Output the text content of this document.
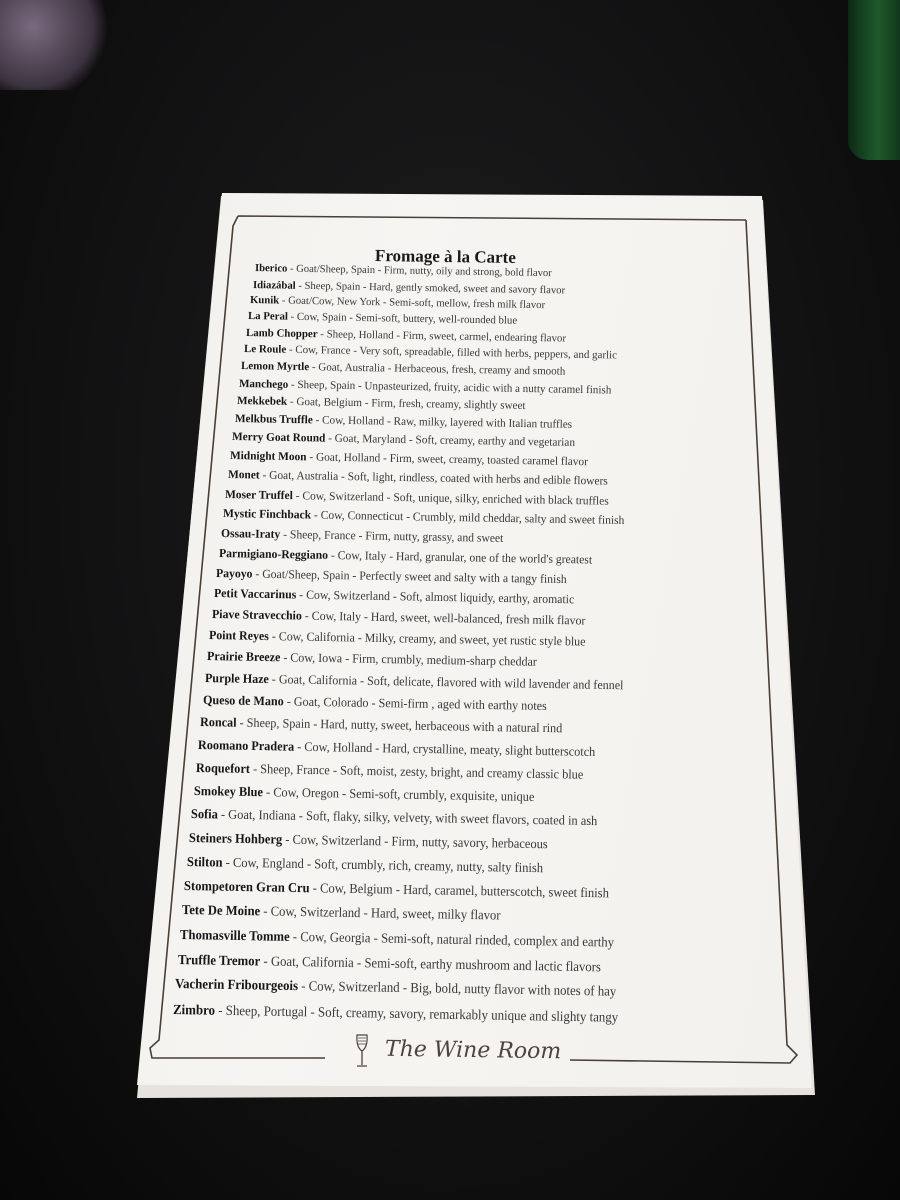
Fromage à la Carte
Iberico - Goat/Sheep, Spain - Firm, nutty, oily and strong, bold flavor
Idiazábal - Sheep, Spain - Hard, gently smoked, sweet and savory flavor
Kunik - Goat/Cow, New York - Semi-soft, mellow, fresh milk flavor
La Peral - Cow, Spain - Semi-soft, buttery, well-rounded blue
Lamb Chopper - Sheep, Holland - Firm, sweet, carmel, endearing flavor
Le Roule - Cow, France - Very soft, spreadable, filled with herbs, peppers, and garlic
Lemon Myrtle - Goat, Australia - Herbaceous, fresh, creamy and smooth
Manchego - Sheep, Spain - Unpasteurized, fruity, acidic with a nutty caramel finish
Mekkebek - Goat, Belgium - Firm, fresh, creamy, slightly sweet
Melkbus Truffle - Cow, Holland - Raw, milky, layered with Italian truffles
Merry Goat Round - Goat, Maryland - Soft, creamy, earthy and vegetarian
Midnight Moon - Goat, Holland - Firm, sweet, creamy, toasted caramel flavor
Monet - Goat, Australia - Soft, light, rindless, coated with herbs and edible flowers
Moser Truffel - Cow, Switzerland - Soft, unique, silky, enriched with black truffles
Mystic Finchback - Cow, Connecticut - Crumbly, mild cheddar, salty and sweet finish
Ossau-Iraty - Sheep, France - Firm, nutty, grassy, and sweet
Parmigiano-Reggiano - Cow, Italy - Hard, granular, one of the world's greatest
Payoyo - Goat/Sheep, Spain - Perfectly sweet and salty with a tangy finish
Petit Vaccarinus - Cow, Switzerland - Soft, almost liquidy, earthy, aromatic
Piave Stravecchio - Cow, Italy - Hard, sweet, well-balanced, fresh milk flavor
Point Reyes - Cow, California - Milky, creamy, and sweet, yet rustic style blue
Prairie Breeze - Cow, Iowa - Firm, crumbly, medium-sharp cheddar
Purple Haze - Goat, California - Soft, delicate, flavored with wild lavender and fennel
Queso de Mano - Goat, Colorado - Semi-firm , aged with earthy notes
Roncal - Sheep, Spain - Hard, nutty, sweet, herbaceous with a natural rind
Roomano Pradera - Cow, Holland - Hard, crystalline, meaty, slight butterscotch
Roquefort - Sheep, France - Soft, moist, zesty, bright, and creamy classic blue
Smokey Blue - Cow, Oregon - Semi-soft, crumbly, exquisite, unique
Sofia - Goat, Indiana - Soft, flaky, silky, velvety, with sweet flavors, coated in ash
Steiners Hohberg - Cow, Switzerland - Firm, nutty, savory, herbaceous
Stilton - Cow, England - Soft, crumbly, rich, creamy, nutty, salty finish
Stompetoren Gran Cru - Cow, Belgium - Hard, caramel, butterscotch, sweet finish
Tete De Moine - Cow, Switzerland - Hard, sweet, milky flavor
Thomasville Tomme - Cow, Georgia - Semi-soft, natural rinded, complex and earthy
Truffle Tremor - Goat, California - Semi-soft, earthy mushroom and lactic flavors
Vacherin Fribourgeois - Cow, Switzerland - Big, bold, nutty flavor with notes of hay
Zimbro - Sheep, Portugal - Soft, creamy, savory, remarkably unique and slighty tangy
The Wine Room
